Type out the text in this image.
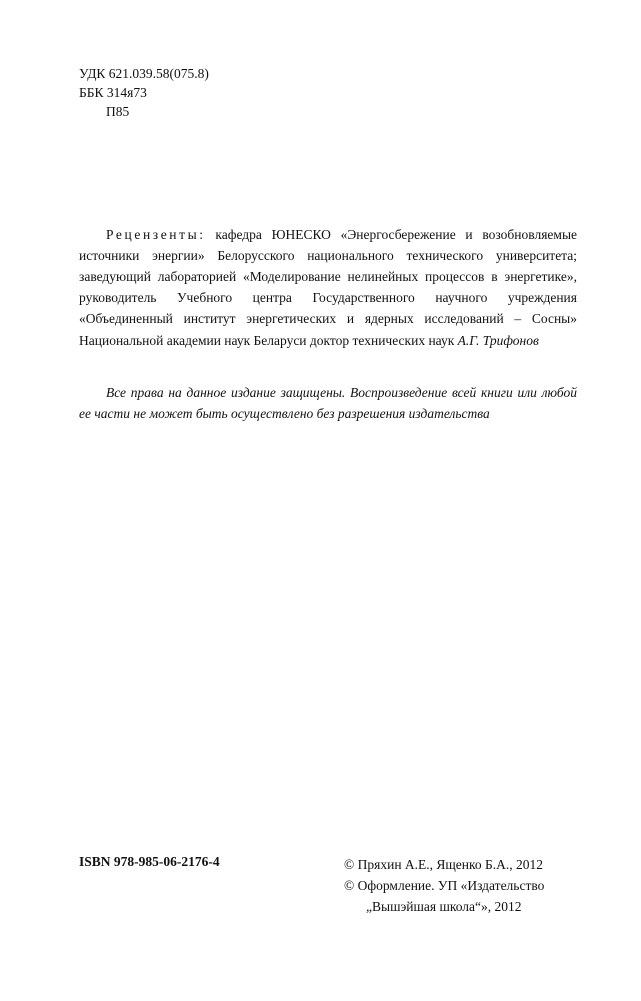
УДК 621.039.58(075.8)
ББК 314я73
П85

Рецензенты: кафедра ЮНЕСКО «Энергосбережение и возобновляемые источники энергии» Белорусского национального технического университета; заведующий лабораторией «Моделирование нелинейных процессов в энергетике», руководитель Учебного центра Государственного научного учреждения «Объединенный институт энергетических и ядерных исследований – Сосны» Национальной академии наук Беларуси доктор технических наук А.Г. Трифонов

Все права на данное издание защищены. Воспроизведение всей книги или любой ее части не может быть осуществлено без разрешения издательства

ISBN 978-985-06-2176-4	© Пряхин А.Е., Ященко Б.А., 2012
© Оформление. УП «Издательство
„Вышэйшая школа“», 2012
